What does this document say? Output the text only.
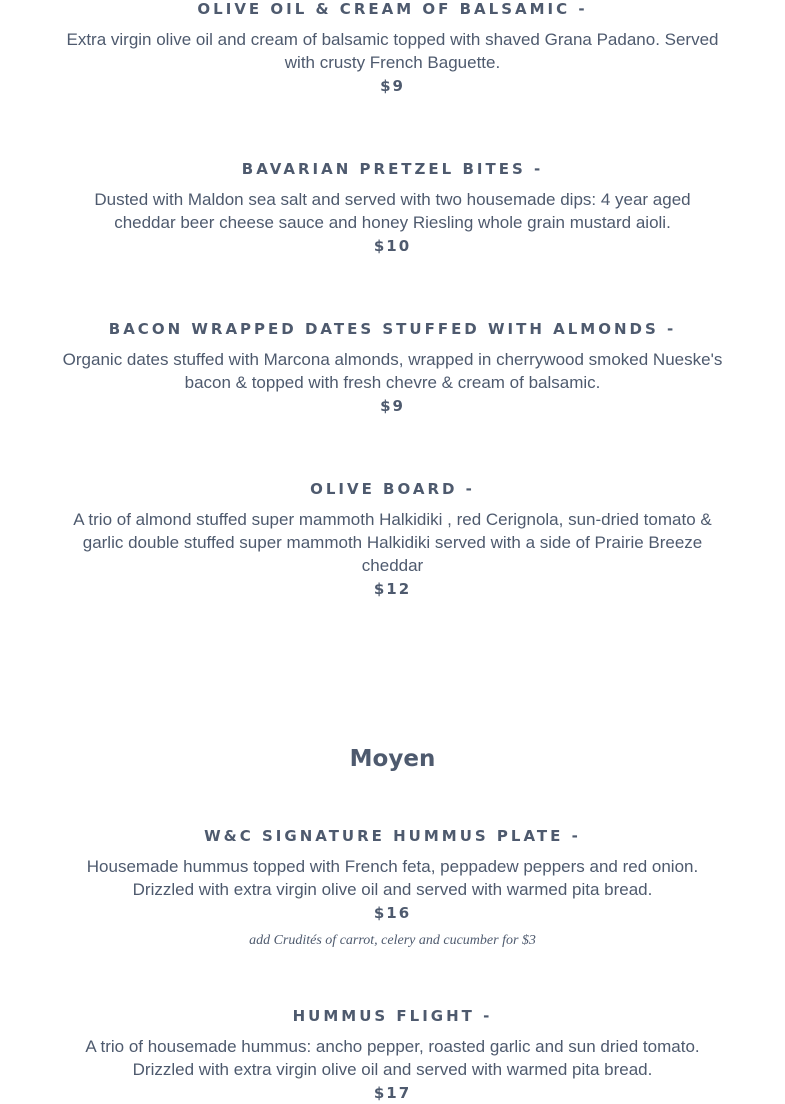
OLIVE OIL & CREAM OF BALSAMIC -

Extra virgin olive oil and cream of balsamic topped with shaved Grana Padano. Served with crusty French Baguette.

$9
BAVARIAN PRETZEL BITES -

Dusted with Maldon sea salt and served with two housemade dips: 4 year aged cheddar beer cheese sauce and honey Riesling whole grain mustard aioli.

$10
BACON WRAPPED DATES STUFFED WITH ALMONDS -

Organic dates stuffed with Marcona almonds, wrapped in cherrywood smoked Nueske's bacon & topped with fresh chevre & cream of balsamic.

$9
OLIVE BOARD -

A trio of almond stuffed super mammoth Halkidiki , red Cerignola, sun-dried tomato & garlic double stuffed super mammoth Halkidiki served with a side of Prairie Breeze cheddar

$12
Moyen
W&C SIGNATURE HUMMUS PLATE -

Housemade hummus topped with French feta, peppadew peppers and red onion. Drizzled with extra virgin olive oil and served with warmed pita bread.

$16
add Crudités of carrot, celery and cucumber for $3
HUMMUS FLIGHT -

A trio of housemade hummus: ancho pepper, roasted garlic and sun dried tomato. Drizzled with extra virgin olive oil and served with warmed pita bread.

$17
